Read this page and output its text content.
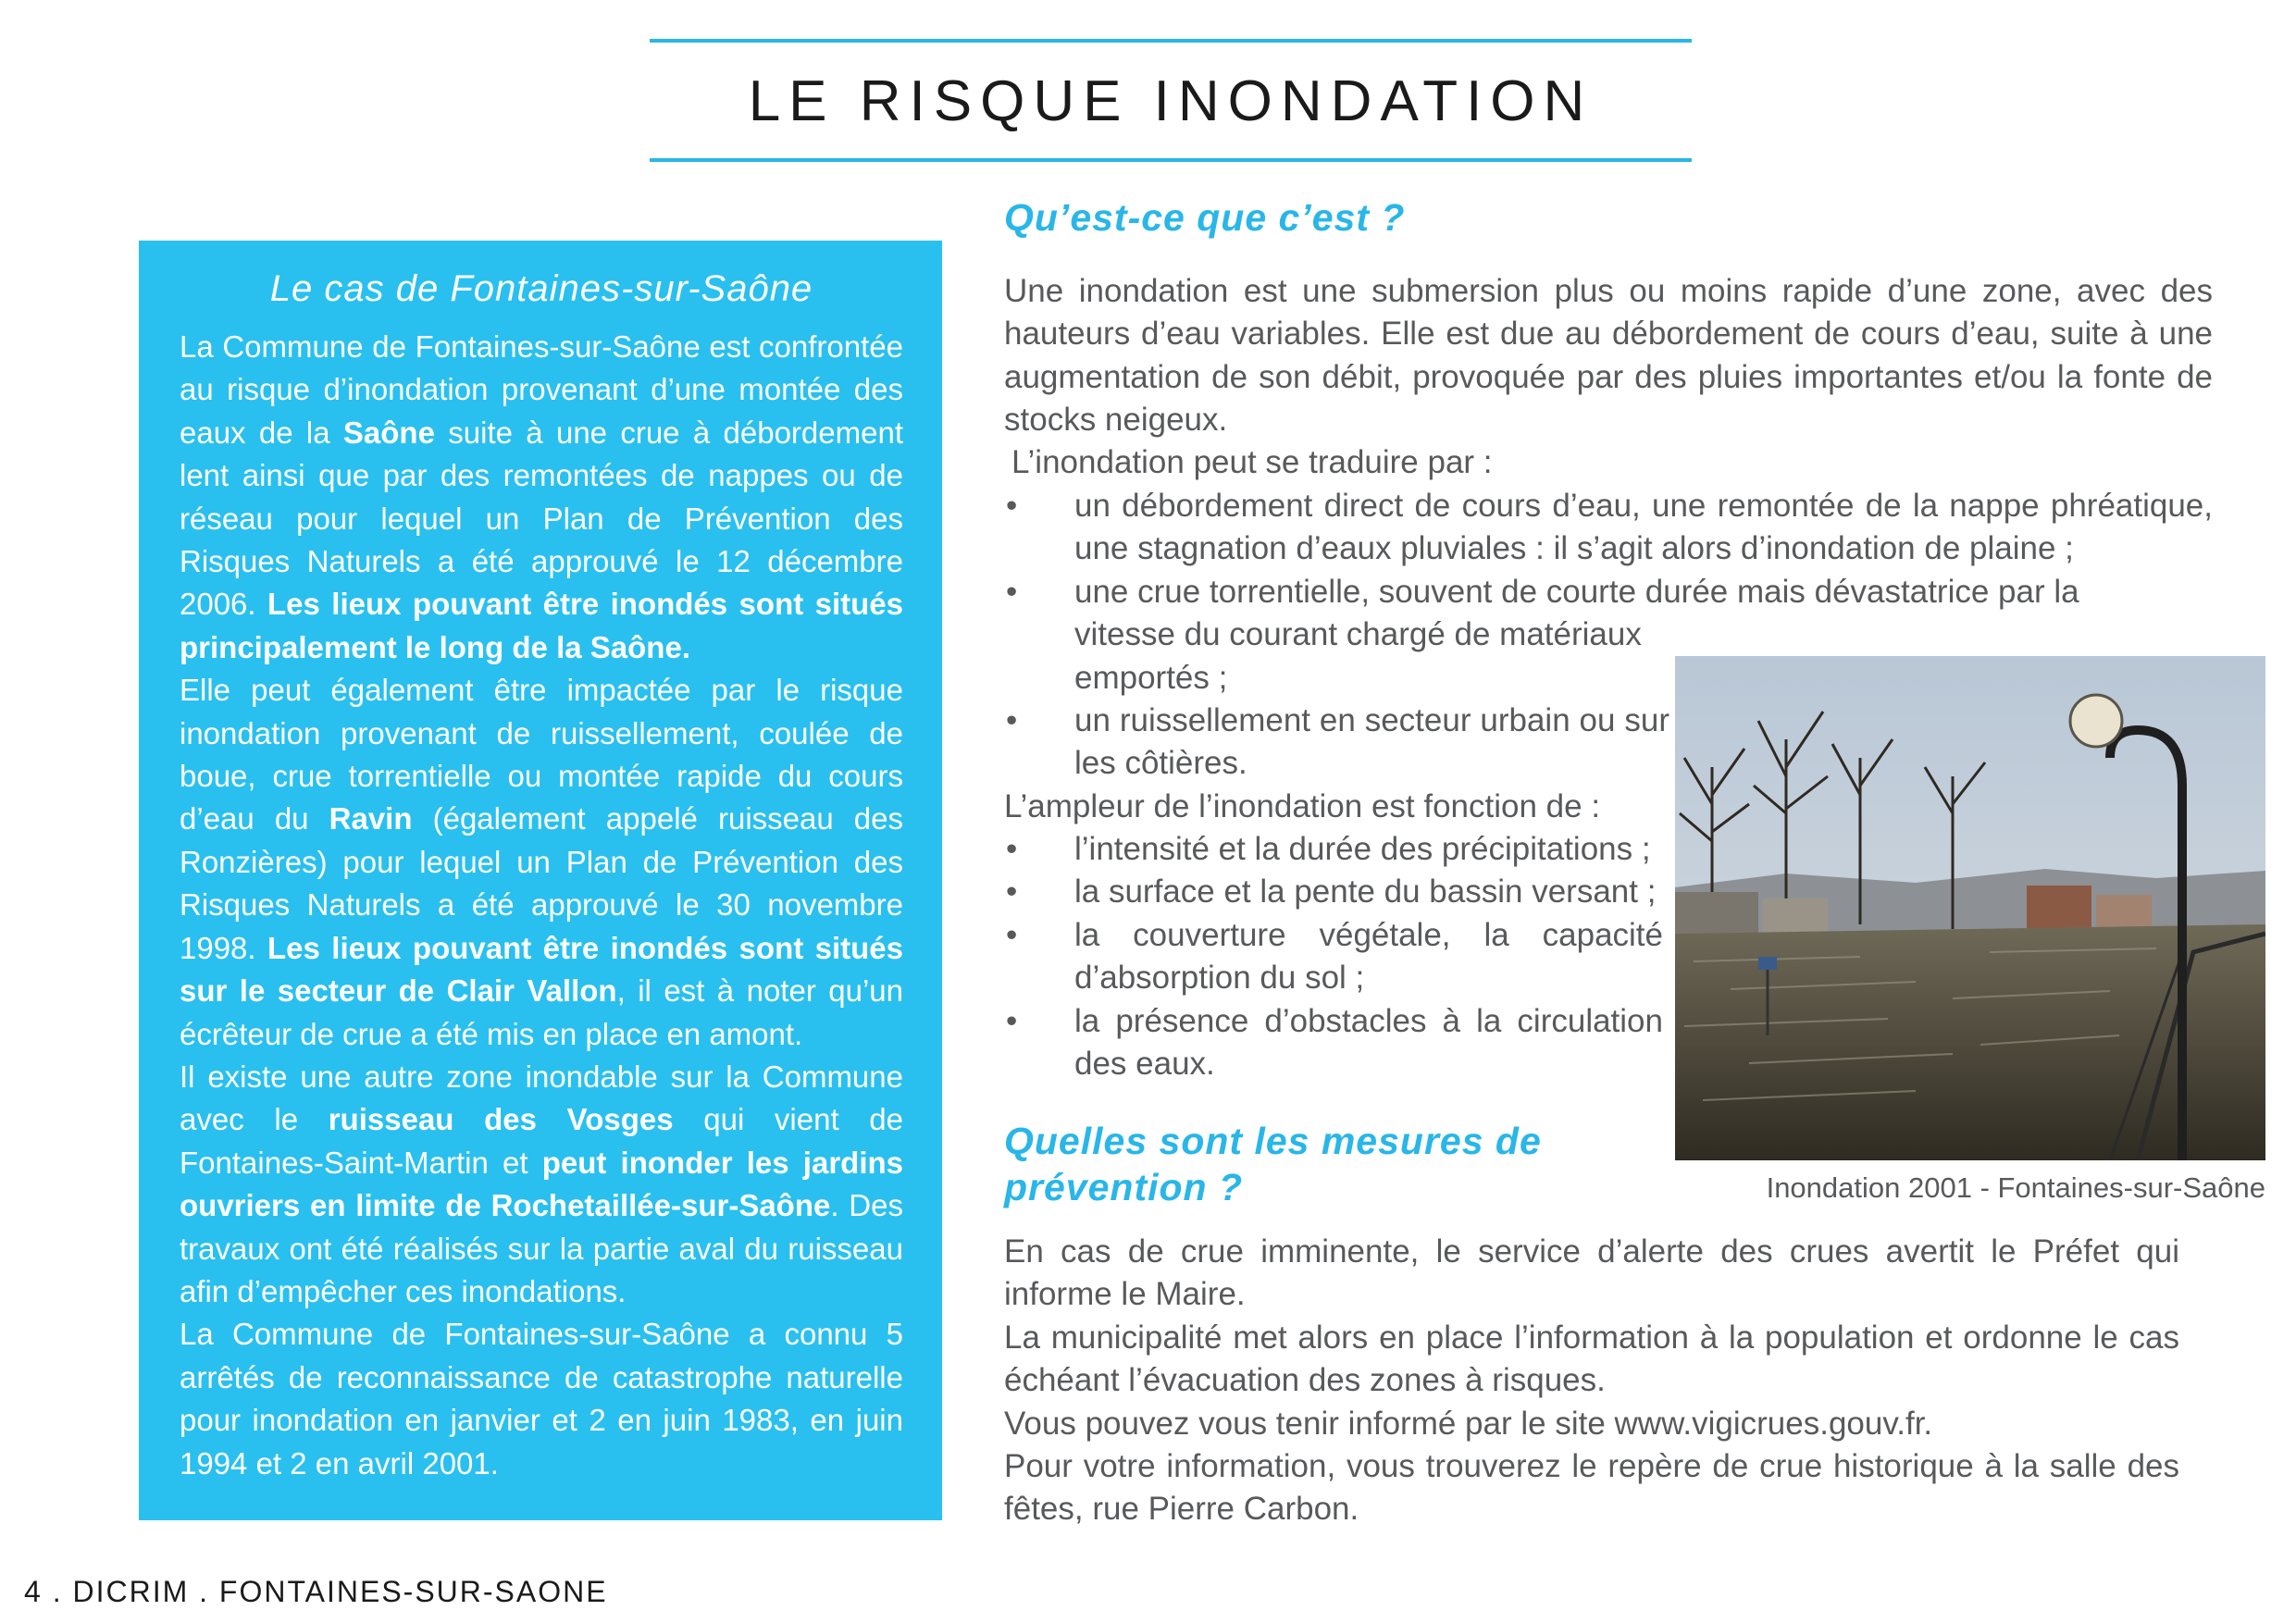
LE RISQUE INONDATION
Le cas de Fontaines-sur-Saône

La Commune de Fontaines-sur-Saône est confrontée au risque d’inondation provenant d’une montée des eaux de la Saône suite à une crue à débordement lent ainsi que par des remontées de nappes ou de réseau pour lequel un Plan de Prévention des Risques Naturels a été approuvé le 12 décembre 2006. Les lieux pouvant être inondés sont situés principalement le long de la Saône.

Elle peut également être impactée par le risque inondation provenant de ruissellement, coulée de boue, crue torrentielle ou montée rapide du cours d’eau du Ravin (également appelé ruisseau des Ronzières) pour lequel un Plan de Prévention des Risques Naturels a été approuvé le 30 novembre 1998. Les lieux pouvant être inondés sont situés sur le secteur de Clair Vallon, il est à noter qu’un écrêteur de crue a été mis en place en amont.

Il existe une autre zone inondable sur la Commune avec le ruisseau des Vosges qui vient de Fontaines-Saint-Martin et peut inonder les jardins ouvriers en limite de Rochetaillée-sur-Saône. Des travaux ont été réalisés sur la partie aval du ruisseau afin d’empêcher ces inondations.

La Commune de Fontaines-sur-Saône a connu 5 arrêtés de reconnaissance de catastrophe naturelle pour inondation en janvier et 2 en juin 1983, en juin 1994 et 2 en avril 2001.

Qu’est-ce que c’est ?

Une inondation est une submersion plus ou moins rapide d’une zone, avec des hauteurs d’eau variables. Elle est due au débordement de cours d’eau, suite à une augmentation de son débit, provoquée par des pluies importantes et/ou la fonte de stocks neigeux.

L’inondation peut se traduire par :

• un débordement direct de cours d’eau, une remontée de la nappe phréatique, une stagnation d’eaux pluviales : il s’agit alors d’inondation de plaine ;
• une crue torrentielle, souvent de courte durée mais dévastatrice par la
vitesse du courant chargé de matériaux
emportés ;
• un ruissellement en secteur urbain ou sur les côtières.

L’ampleur de l’inondation est fonction de :

• l’intensité et la durée des précipitations ;
• la surface et la pente du bassin versant ;
• la couverture végétale, la capacité d’absorption du sol ;
• la présence d’obstacles à la circulation des eaux.
Inondation 2001 - Fontaines-sur-Saône
Quelles sont les mesures de prévention ?

En cas de crue imminente, le service d’alerte des crues avertit le Préfet qui informe le Maire.

La municipalité met alors en place l’information à la population et ordonne le cas échéant l’évacuation des zones à risques.

Vous pouvez vous tenir informé par le site www.vigicrues.gouv.fr.

Pour votre information, vous trouverez le repère de crue historique à la salle des fêtes, rue Pierre Carbon.

4 . DICRIM . FONTAINES-SUR-SAONE
